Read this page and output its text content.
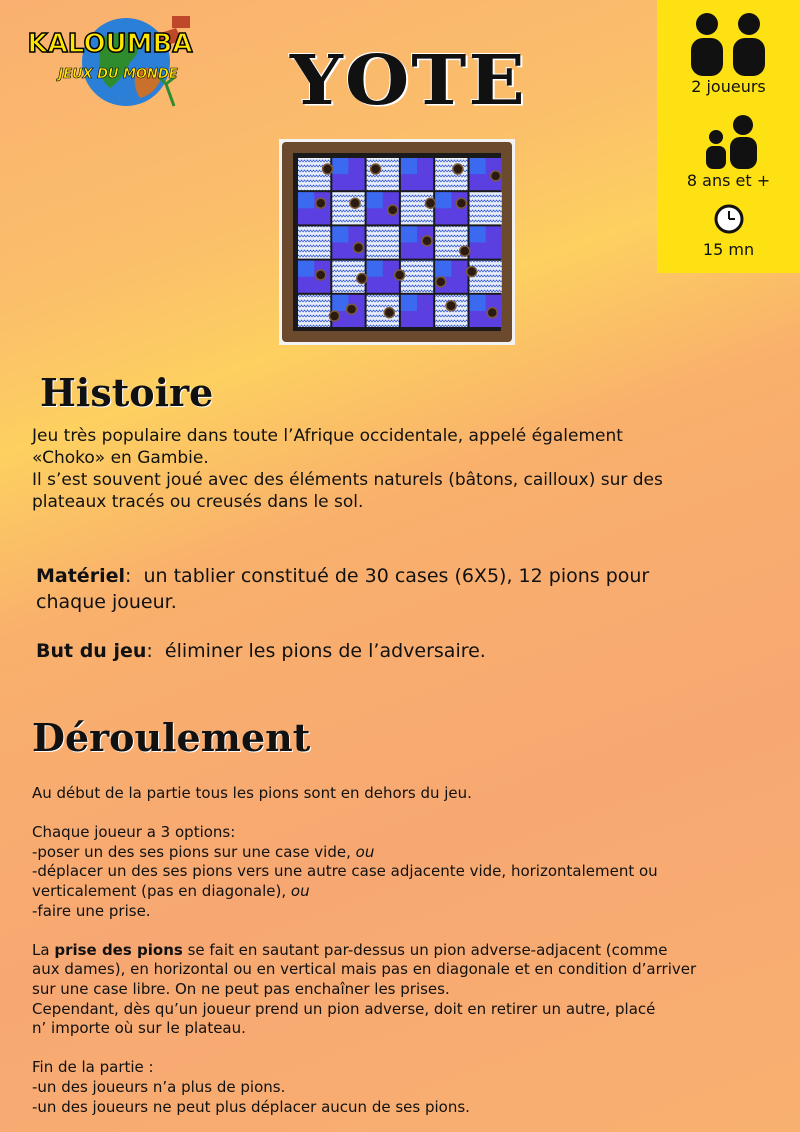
KALOUMBA
JEUX DU MONDE YOTE	2 joueurs
8 ans et +
15 mn
Histoire
Jeu très populaire dans toute l’Afrique occidentale, appelé également
«Choko» en Gambie.
Il s’est souvent joué avec des éléments naturels (bâtons, cailloux) sur des
plateaux tracés ou creusés dans le sol.
Matériel: un tablier constitué de 30 cases (6X5), 12 pions pour
chaque joueur.
But du jeu: éliminer les pions de l’adversaire.
Déroulement

Au début de la partie tous les pions sont en dehors du jeu.

Chaque joueur a 3 options:

-poser un des ses pions sur une case vide, ou

-déplacer un des ses pions vers une autre case adjacente vide, horizontalement ou

verticalement (pas en diagonale), ou

-faire une prise.

La prise des pions se fait en sautant par-dessus un pion adverse-adjacent (comme

aux dames), en horizontal ou en vertical mais pas en diagonale et en condition d’arriver

sur une case libre. On ne peut pas enchaîner les prises.

Cependant, dès qu’un joueur prend un pion adverse, doit en retirer un autre, placé

n’ importe où sur le plateau.

Fin de la partie :

-un des joueurs n’a plus de pions.

-un des joueurs ne peut plus déplacer aucun de ses pions.
